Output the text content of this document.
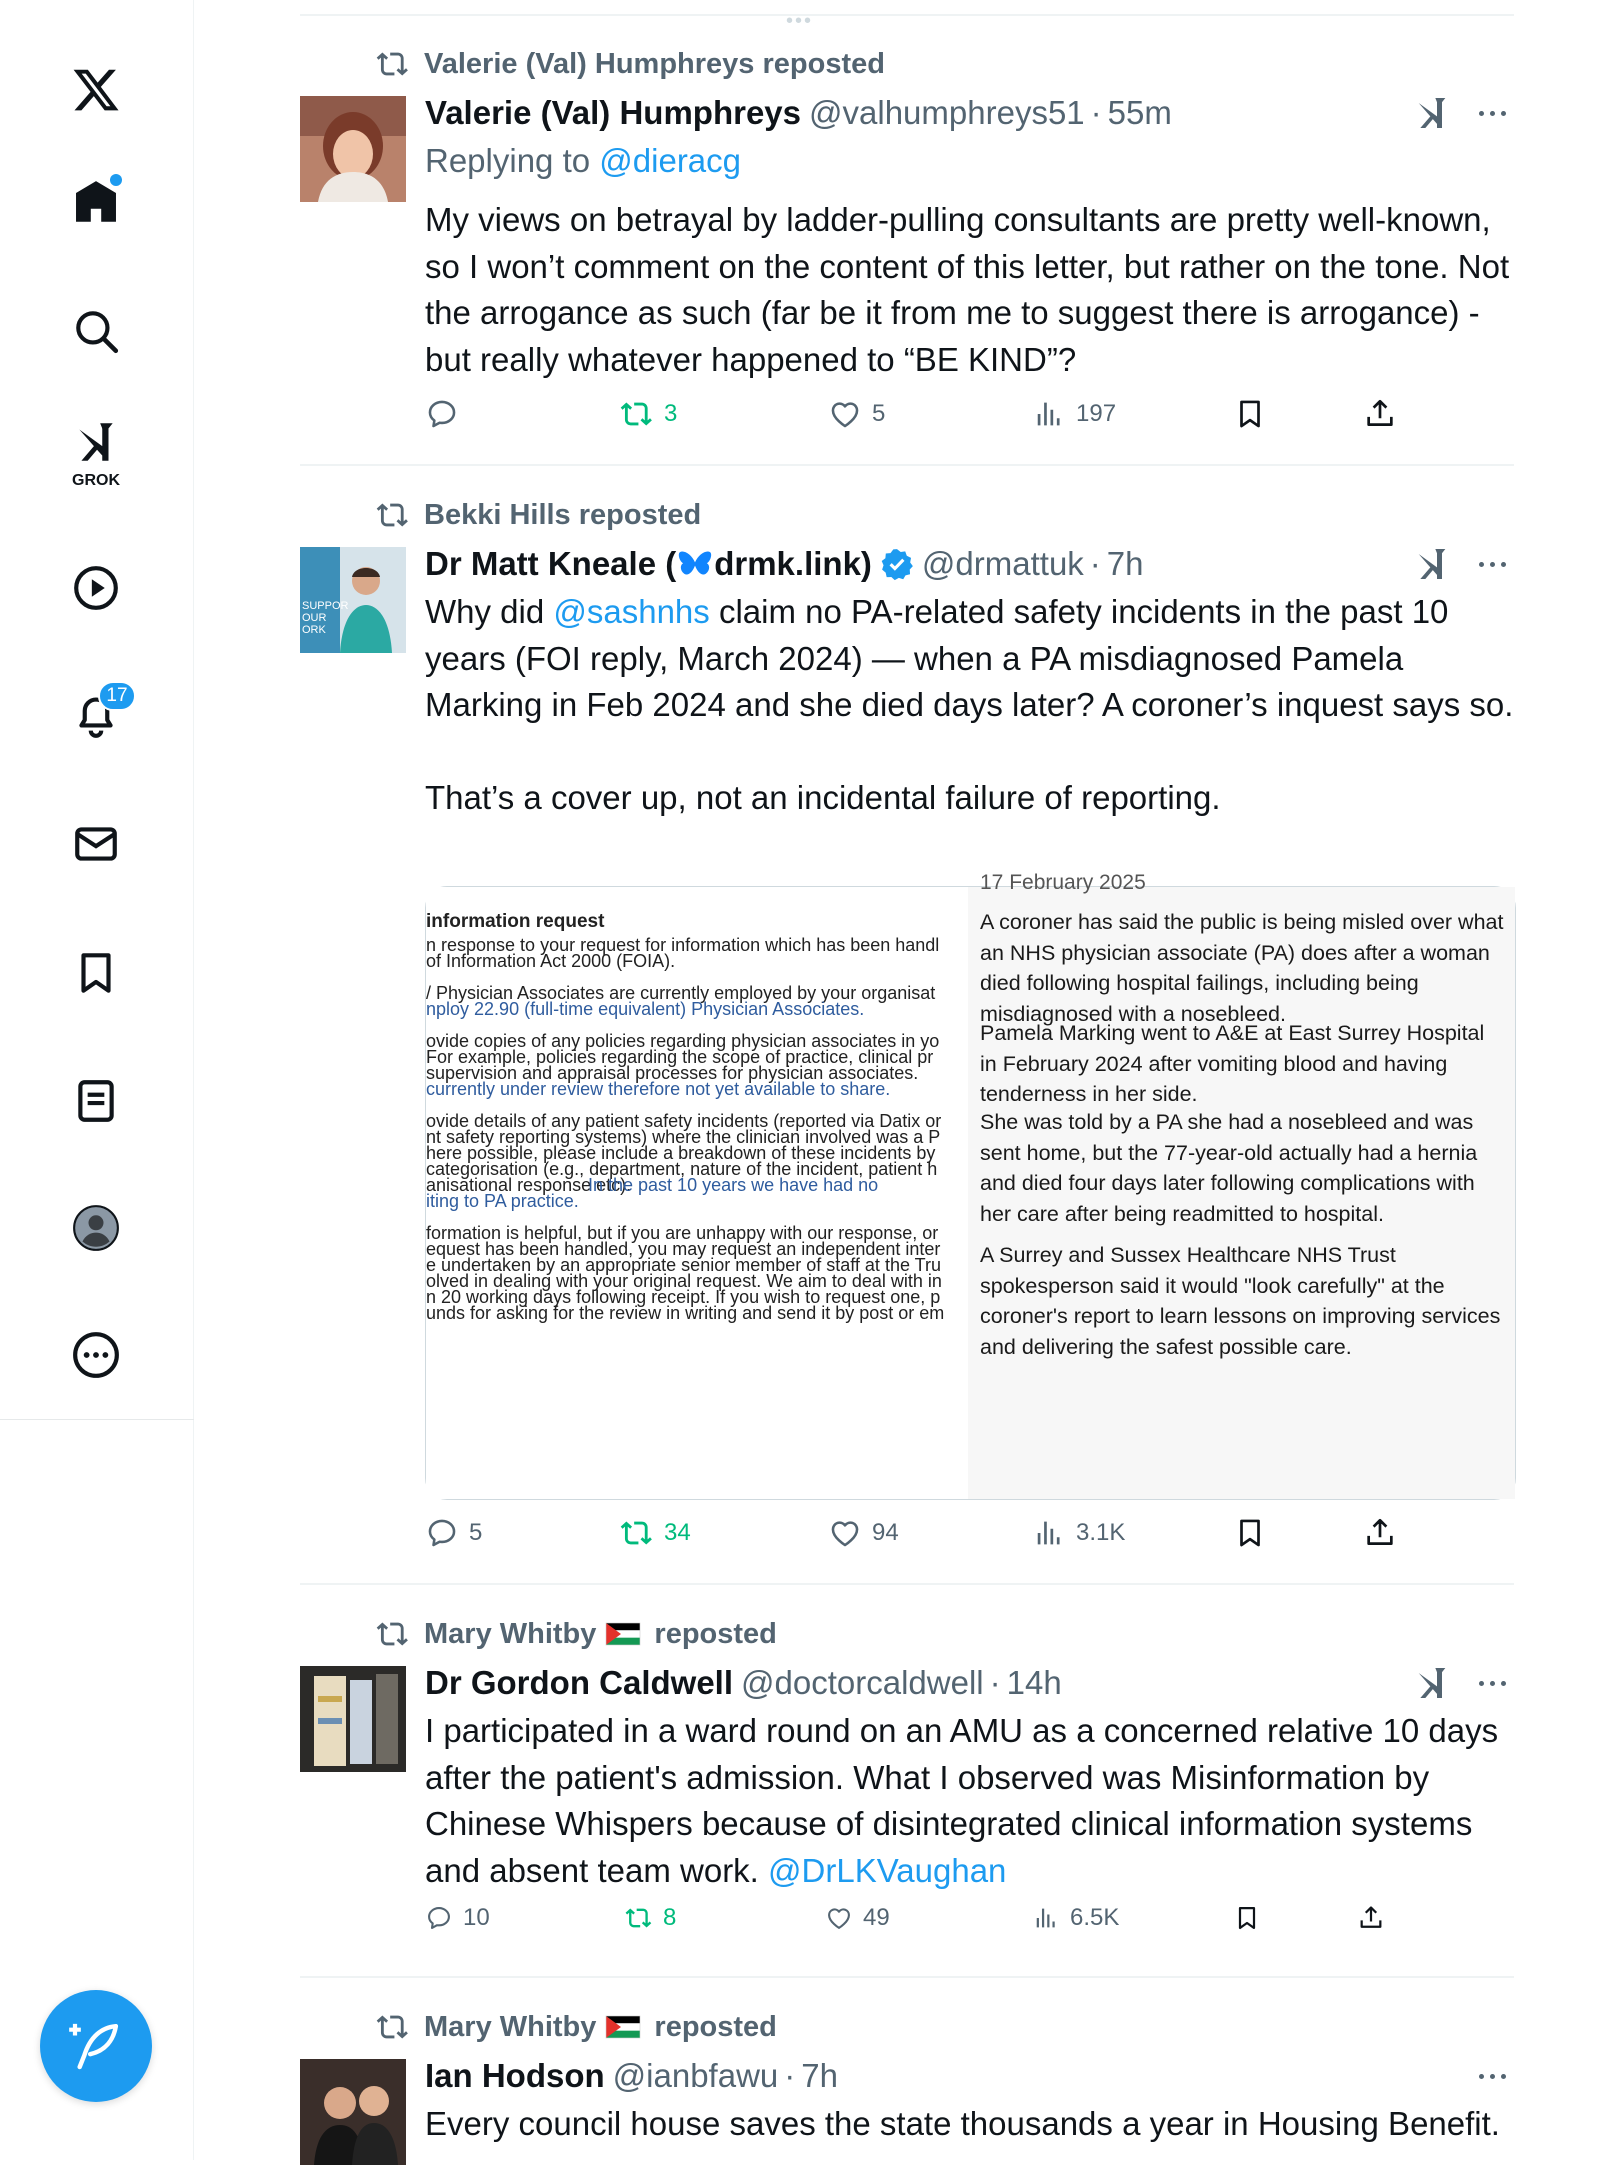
GROK
17
•••
Valerie (Val) Humphreys reposted
Valerie (Val) Humphreys @valhumphreys51 · 55m
Replying to @dieracg

My views on betrayal by ladder-pulling consultants are pretty well-known, so I won’t comment on the content of this letter, but rather on the tone. Not the arrogance as such (far be it from me to suggest there is arrogance) - but really whatever happened to “BE KIND”?

3	5	197
Bekki Hills reposted
SUPPOR
OUR
ORK
Dr Matt Kneale ( drmk.link) @drmattuk · 7h

Why did @sashnhs claim no PA-related safety incidents in the past 10 years (FOI reply, March 2024) — when a PA misdiagnosed Pamela Marking in Feb 2024 and she died days later? A coroner’s inquest says so.

That’s a cover up, not an incidental failure of reporting.

information request
n response to your request for information which has been handl
of Information Act 2000 (FOIA).
/ Physician Associates are currently employed by your organisat
nploy 22.90 (full-time equivalent) Physician Associates.
ovide copies of any policies regarding physician associates in yo
For example, policies regarding the scope of practice, clinical pr
supervision and appraisal processes for physician associates.
currently under review therefore not yet available to share.
ovide details of any patient safety incidents (reported via Datix or
nt safety reporting systems) where the clinician involved was a P
here possible, please include a breakdown of these incidents by
categorisation (e.g., department, nature of the incident, patient h
anisational response etc).
In the past 10 years we have had no
iting to PA practice.
formation is helpful, but if you are unhappy with our response, or
equest has been handled, you may request an independent inter
e undertaken by an appropriate senior member of staff at the Tru
olved in dealing with your original request. We aim to deal with in
n 20 working days following receipt. If you wish to request one, p
unds for asking for the review in writing and send it by post or em
17 February 2025

A coroner has said the public is being misled over what an NHS physician associate (PA) does after a woman died following hospital failings, including being misdiagnosed with a nosebleed.

Pamela Marking went to A&E at East Surrey Hospital in February 2024 after vomiting blood and having tenderness in her side.

She was told by a PA she had a nosebleed and was sent home, but the 77-year-old actually had a hernia and died four days later following complications with her care after being readmitted to hospital.

A Surrey and Sussex Healthcare NHS Trust spokesperson said it would "look carefully" at the coroner's report to learn lessons on improving services and delivering the safest possible care.

5	34	94	3.1K
Mary Whitby reposted
Dr Gordon Caldwell @doctorcaldwell · 14h

I participated in a ward round on an AMU as a concerned relative 10 days after the patient's admission. What I observed was Misinformation by Chinese Whispers because of disintegrated clinical information systems and absent team work. @DrLKVaughan

10	8	49	6.5K
Mary Whitby reposted
Ian Hodson @ianbfawu · 7h

Every council house saves the state thousands a year in Housing Benefit.
